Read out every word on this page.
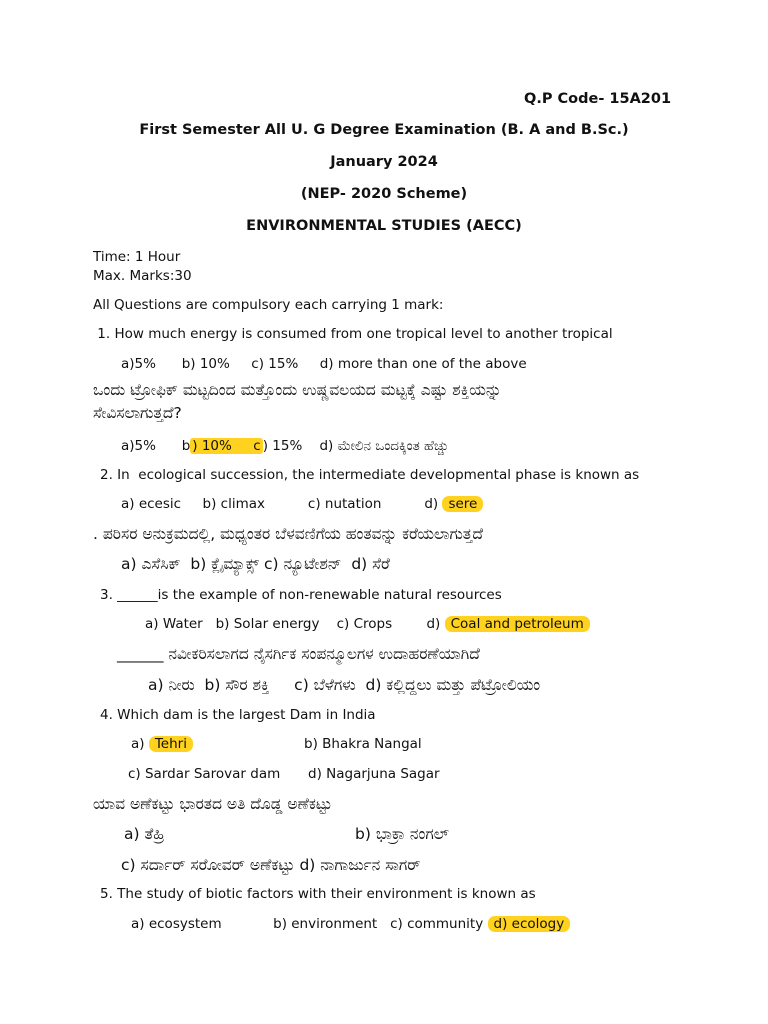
Q.P Code- 15A201
First Semester All U. G Degree Examination (B. A and B.Sc.)
January 2024
(NEP- 2020 Scheme)
ENVIRONMENTAL STUDIES (AECC)
Time: 1 Hour
Max. Marks:30
All Questions are compulsory each carrying 1 mark:
1. How much energy is consumed from one tropical level to another tropical
a)5%      b) 10%     c) 15%     d) more than one of the above
ಒಂದು ಟ್ರೋಫಿಕ್ ಮಟ್ಟದಿಂದ ಮತ್ತೊಂದು ಉಷ್ಣವಲಯದ ಮಟ್ಟಕ್ಕೆ ಎಷ್ಟು ಶಕ್ತಿಯನ್ನು
ಸೇವಿಸಲಾಗುತ್ತದೆ?
a)5%      b ) 10%     c ) 15%    d) ಮೇಲಿನ ಒಂದಕ್ಕಿಂತ ಹೆಚ್ಚು
2. In  ecological succession, the intermediate developmental phase is known as
a) ecesic     b) climax          c) nutation          d) sere
. ಪರಿಸರ ಅನುಕ್ರಮದಲ್ಲಿ, ಮಧ್ಯಂತರ ಬೆಳವಣಿಗೆಯ ಹಂತವನ್ನು ಕರೆಯಲಾಗುತ್ತದೆ
a) ಎಸೆಸಿಕ್  b) ಕ್ಲೈಮ್ಯಾಕ್ಸ್ c) ನ್ಯೂಟೇಶನ್  d) ಸೆರೆ
3. ______is the example of non-renewable natural resources
a) Water   b) Solar energy    c) Crops        d) Coal and petroleum
______ ನವೀಕರಿಸಲಾಗದ ನೈಸರ್ಗಿಕ ಸಂಪನ್ಮೂಲಗಳ ಉದಾಹರಣೆಯಾಗಿದೆ
a) ನೀರು  b) ಸೌರ ಶಕ್ತಿ     c) ಬೆಳೆಗಳು  d) ಕಲ್ಲಿದ್ದಲು ಮತ್ತು ಪೆಟ್ರೋಲಿಯಂ
4. Which dam is the largest Dam in India
a) Tehri	b) Bhakra Nangal
c) Sardar Sarovar dam d) Nagarjuna Sagar
ಯಾವ ಅಣೆಕಟ್ಟು ಭಾರತದ ಅತಿ ದೊಡ್ಡ ಅಣೆಕಟ್ಟು
a) ತೆಹ್ರಿ	b) ಭಾಕ್ರಾ ನಂಗಲ್
c) ಸರ್ದಾರ್ ಸರೋವರ್ ಅಣೆಕಟ್ಟು d) ನಾಗಾರ್ಜುನ ಸಾಗರ್
5. The study of biotic factors with their environment is known as
a) ecosystem            b) environment   c) community d) ecology
